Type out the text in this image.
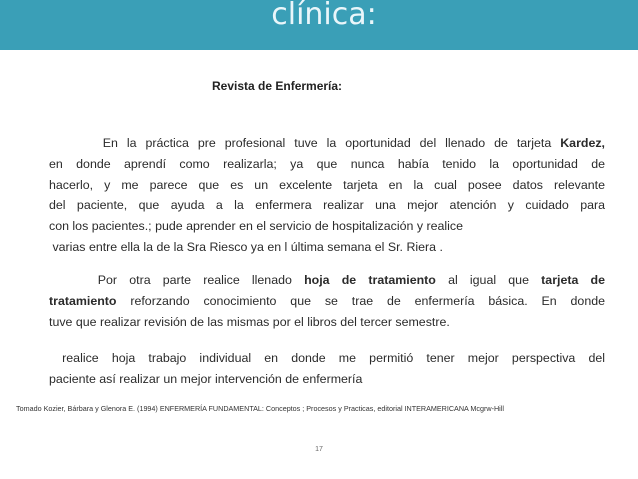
clínica:
Revista de Enfermería:
En la práctica pre profesional tuve la oportunidad del llenado de tarjeta Kardez,
en donde aprendí como realizarla; ya que nunca había tenido la oportunidad de
hacerlo, y me parece que es un excelente tarjeta en la cual posee datos relevante
del paciente, que ayuda a la enfermera realizar una mejor atención y cuidado para
con los pacientes.; pude aprender en el servicio de hospitalización y realice
varias entre ella la de la Sra Riesco ya en l última semana el Sr. Riera .
Por otra parte realice llenado hoja de tratamiento al igual que tarjeta de
tratamiento reforzando conocimiento que se trae de enfermería básica. En donde
tuve que realizar revisión de las mismas por el libros del tercer semestre.
realice hoja trabajo individual en donde me permitió tener mejor perspectiva del
paciente así realizar un mejor intervención de enfermería
Tomado Kozier, Bárbara y Glenora E. (1994) ENFERMERÍA FUNDAMENTAL: Conceptos ; Procesos y Practicas, editorial INTERAMERICANA Mcgrw-Hill
17
